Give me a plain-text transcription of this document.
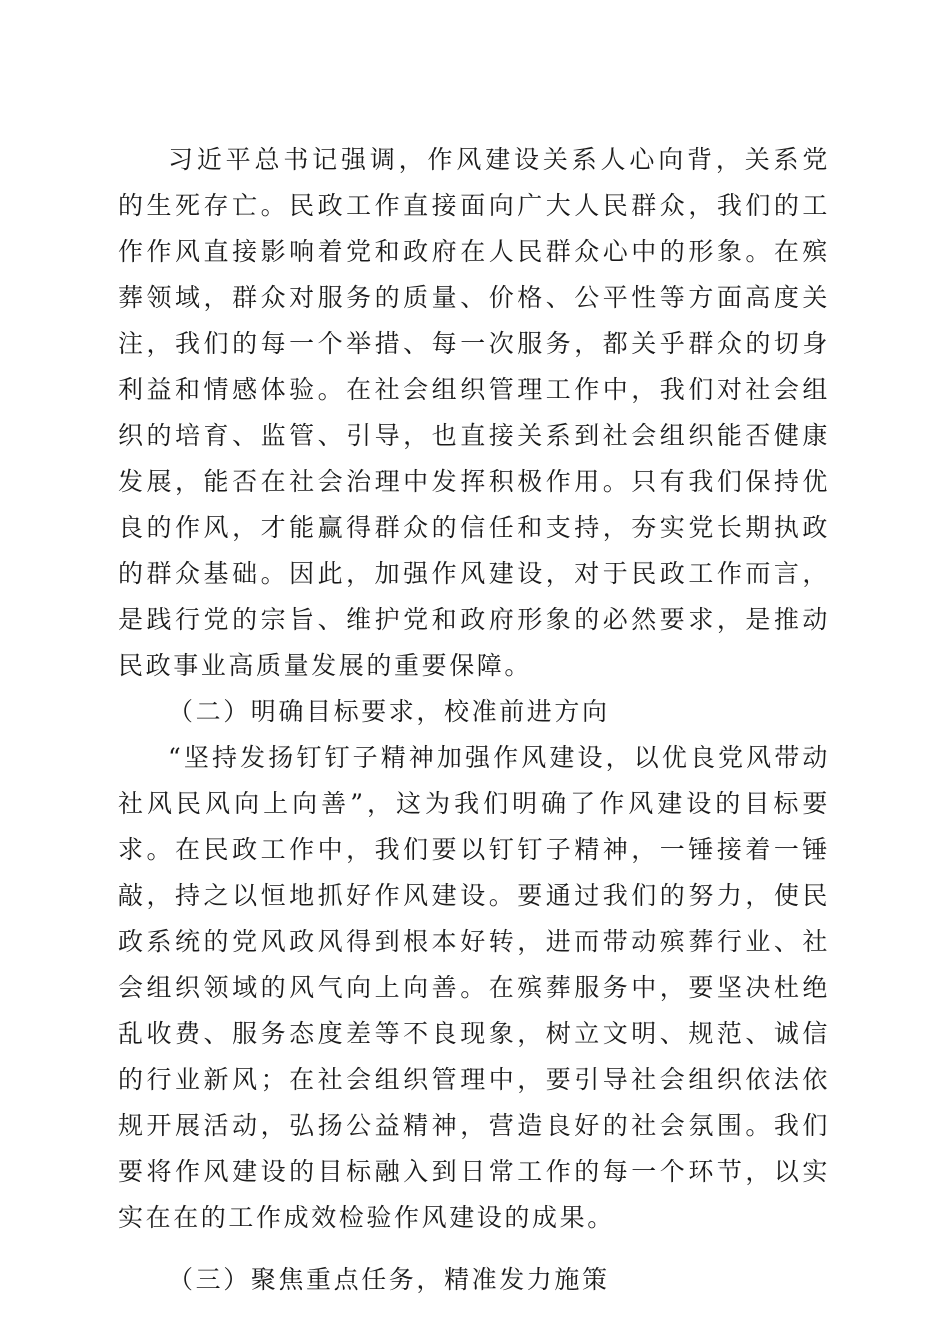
习近平总书记强调，作风建设关系人心向背，关系党的生死存亡。民政工作直接面向广大人民群众，我们的工作作风直接影响着党和政府在人民群众心中的形象。在殡葬领域，群众对服务的质量、价格、公平性等方面高度关注，我们的每一个举措、每一次服务，都关乎群众的切身利益和情感体验。在社会组织管理工作中，我们对社会组织的培育、监管、引导，也直接关系到社会组织能否健康发展，能否在社会治理中发挥积极作用。只有我们保持优良的作风，才能赢得群众的信任和支持，夯实党长期执政的群众基础。因此，加强作风建设，对于民政工作而言，是践行党的宗旨、维护党和政府形象的必然要求，是推动民政事业高质量发展的重要保障。

（二）明确目标要求，校准前进方向

“坚持发扬钉钉子精神加强作风建设，以优良党风带动社风民风向上向善”，这为我们明确了作风建设的目标要求。在民政工作中，我们要以钉钉子精神，一锤接着一锤敲，持之以恒地抓好作风建设。要通过我们的努力，使民政系统的党风政风得到根本好转，进而带动殡葬行业、社会组织领域的风气向上向善。在殡葬服务中，要坚决杜绝乱收费、服务态度差等不良现象，树立文明、规范、诚信的行业新风；在社会组织管理中，要引导社会组织依法依规开展活动，弘扬公益精神，营造良好的社会氛围。我们要将作风建设的目标融入到日常工作的每一个环节，以实实在在的工作成效检验作风建设的成果。

（三）聚焦重点任务，精准发力施策
